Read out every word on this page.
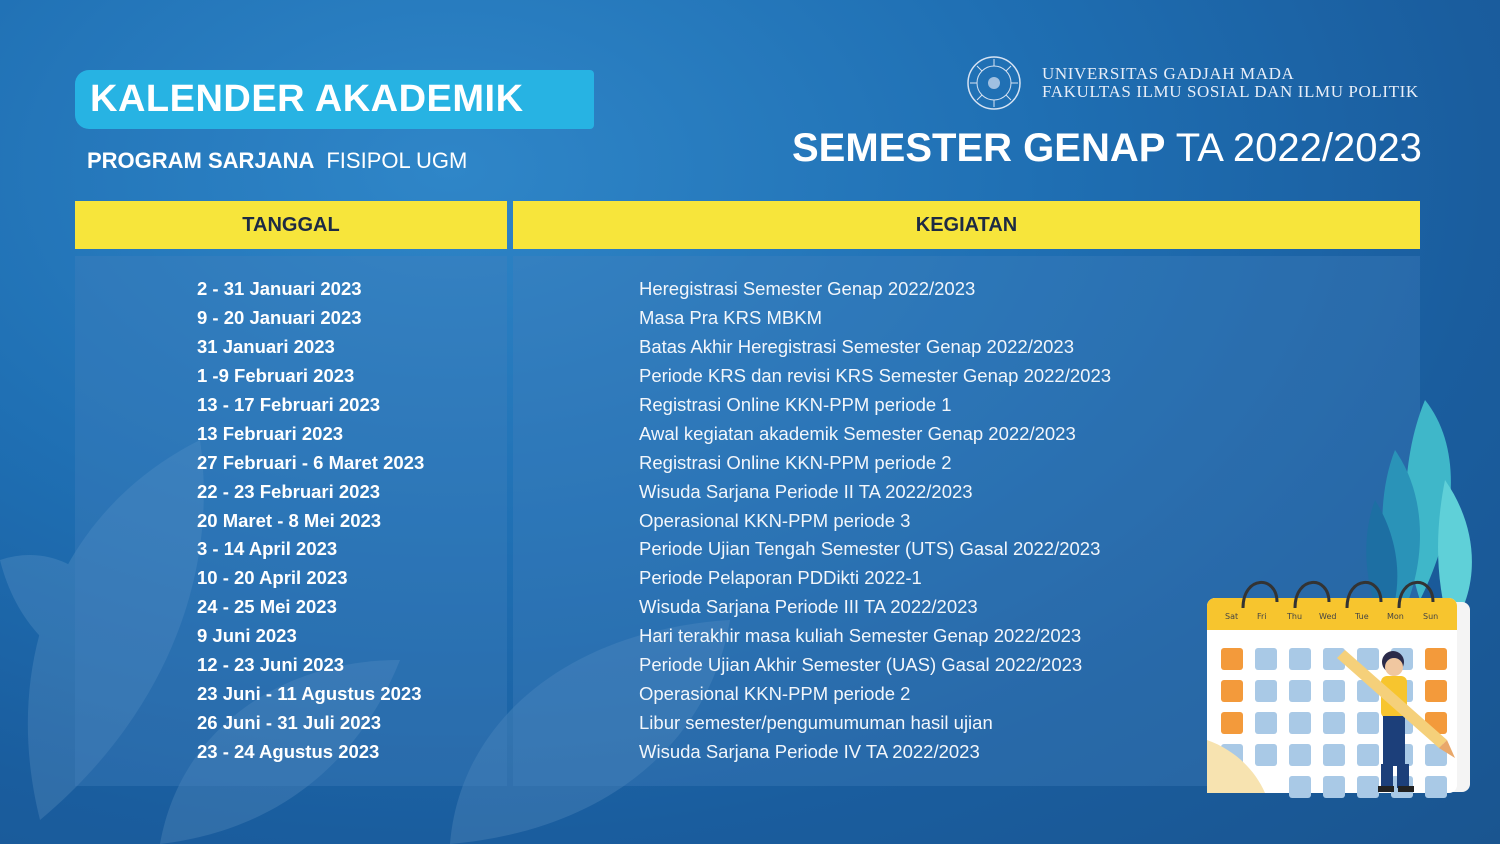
KALENDER AKADEMIK
PROGRAM SARJANA FISIPOL UGM
UNIVERSITAS GADJAH MADA
FAKULTAS ILMU SOSIAL DAN ILMU POLITIK
SEMESTER GENAP TA 2022/2023
TANGGAL	KEGIATAN
2 - 31 Januari 2023
9 - 20 Januari 2023
31 Januari 2023
1 -9 Februari 2023
13 - 17 Februari 2023
13 Februari 2023
27 Februari - 6 Maret 2023
22 - 23 Februari 2023
20 Maret - 8 Mei 2023
3 - 14 April 2023
10 - 20 April 2023
24 - 25 Mei 2023
9 Juni 2023
12 - 23 Juni 2023
23 Juni - 11 Agustus 2023
26 Juni - 31 Juli 2023
23 - 24 Agustus 2023
Heregistrasi Semester Genap 2022/2023
Masa Pra KRS MBKM
Batas Akhir Heregistrasi Semester Genap 2022/2023
Periode KRS dan revisi KRS Semester Genap 2022/2023
Registrasi Online KKN-PPM periode 1
Awal kegiatan akademik Semester Genap 2022/2023
Registrasi Online KKN-PPM periode 2
Wisuda Sarjana Periode II TA 2022/2023
Operasional KKN-PPM periode 3
Periode Ujian Tengah Semester (UTS) Gasal 2022/2023
Periode Pelaporan PDDikti 2022-1
Wisuda Sarjana Periode III TA 2022/2023
Hari terakhir masa kuliah Semester Genap 2022/2023
Periode Ujian Akhir Semester (UAS) Gasal 2022/2023
Operasional KKN-PPM periode 2
Libur semester/pengumumuman hasil ujian
Wisuda Sarjana Periode IV TA 2022/2023
Sat Fri	Thu Wed Tue Mon Sun
